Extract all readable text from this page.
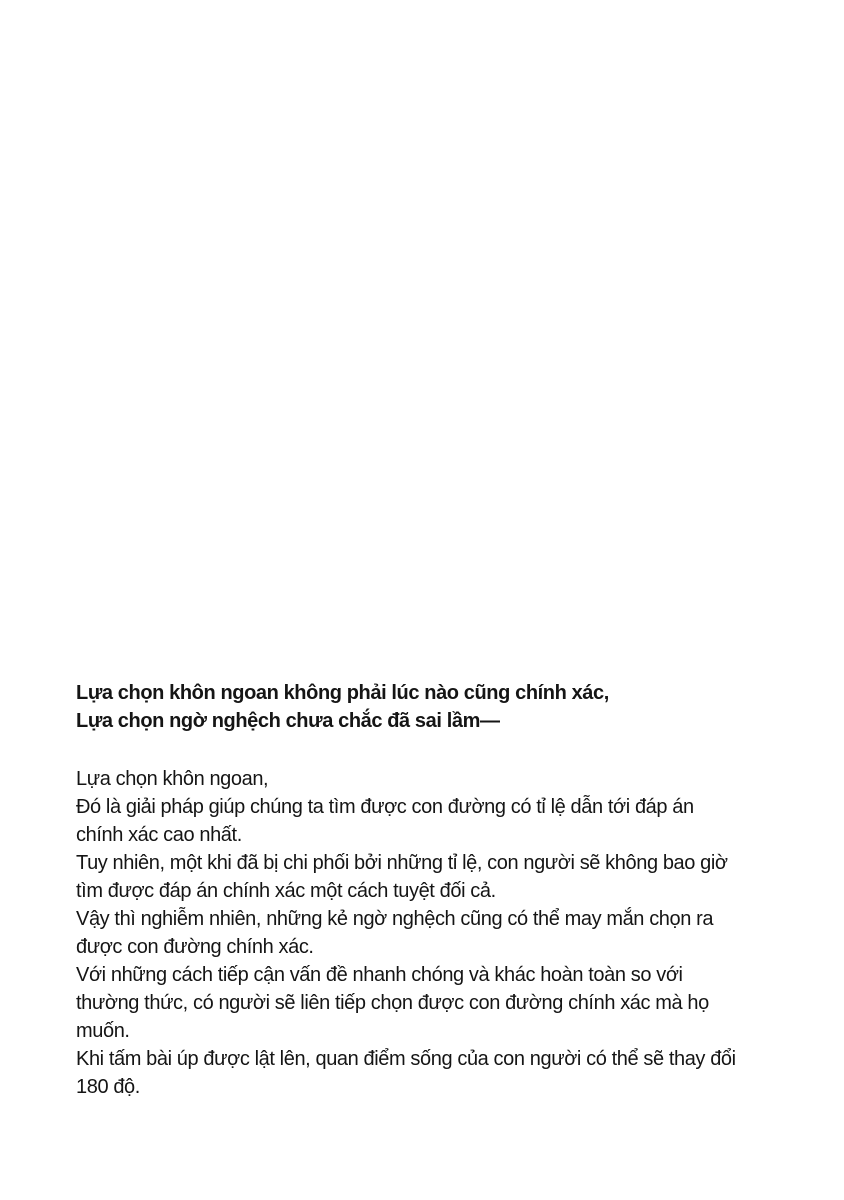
Lựa chọn khôn ngoan không phải lúc nào cũng chính xác,
Lựa chọn ngờ nghệch chưa chắc đã sai lầm—
Lựa chọn khôn ngoan,
Đó là giải pháp giúp chúng ta tìm được con đường có tỉ lệ dẫn tới đáp án
chính xác cao nhất.
Tuy nhiên, một khi đã bị chi phối bởi những tỉ lệ, con người sẽ không bao giờ
tìm được đáp án chính xác một cách tuyệt đối cả.
Vậy thì nghiễm nhiên, những kẻ ngờ nghệch cũng có thể may mắn chọn ra
được con đường chính xác.
Với những cách tiếp cận vấn đề nhanh chóng và khác hoàn toàn so với
thường thức, có người sẽ liên tiếp chọn được con đường chính xác mà họ
muốn.
Khi tấm bài úp được lật lên, quan điểm sống của con người có thể sẽ thay đổi
180 độ.
